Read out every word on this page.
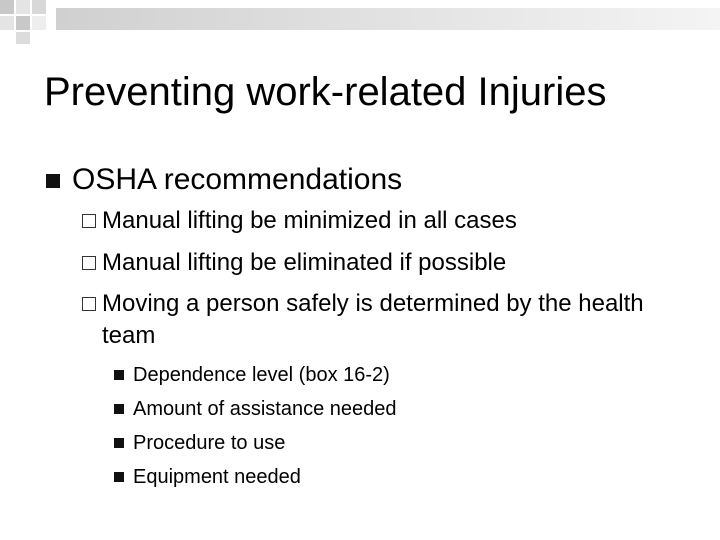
Preventing work-related Injuries
OSHA recommendations
Manual lifting be minimized in all cases
Manual lifting be eliminated if possible
Moving a person safely is determined by the health team
Dependence level (box 16-2)
Amount of assistance needed
Procedure to use
Equipment needed
